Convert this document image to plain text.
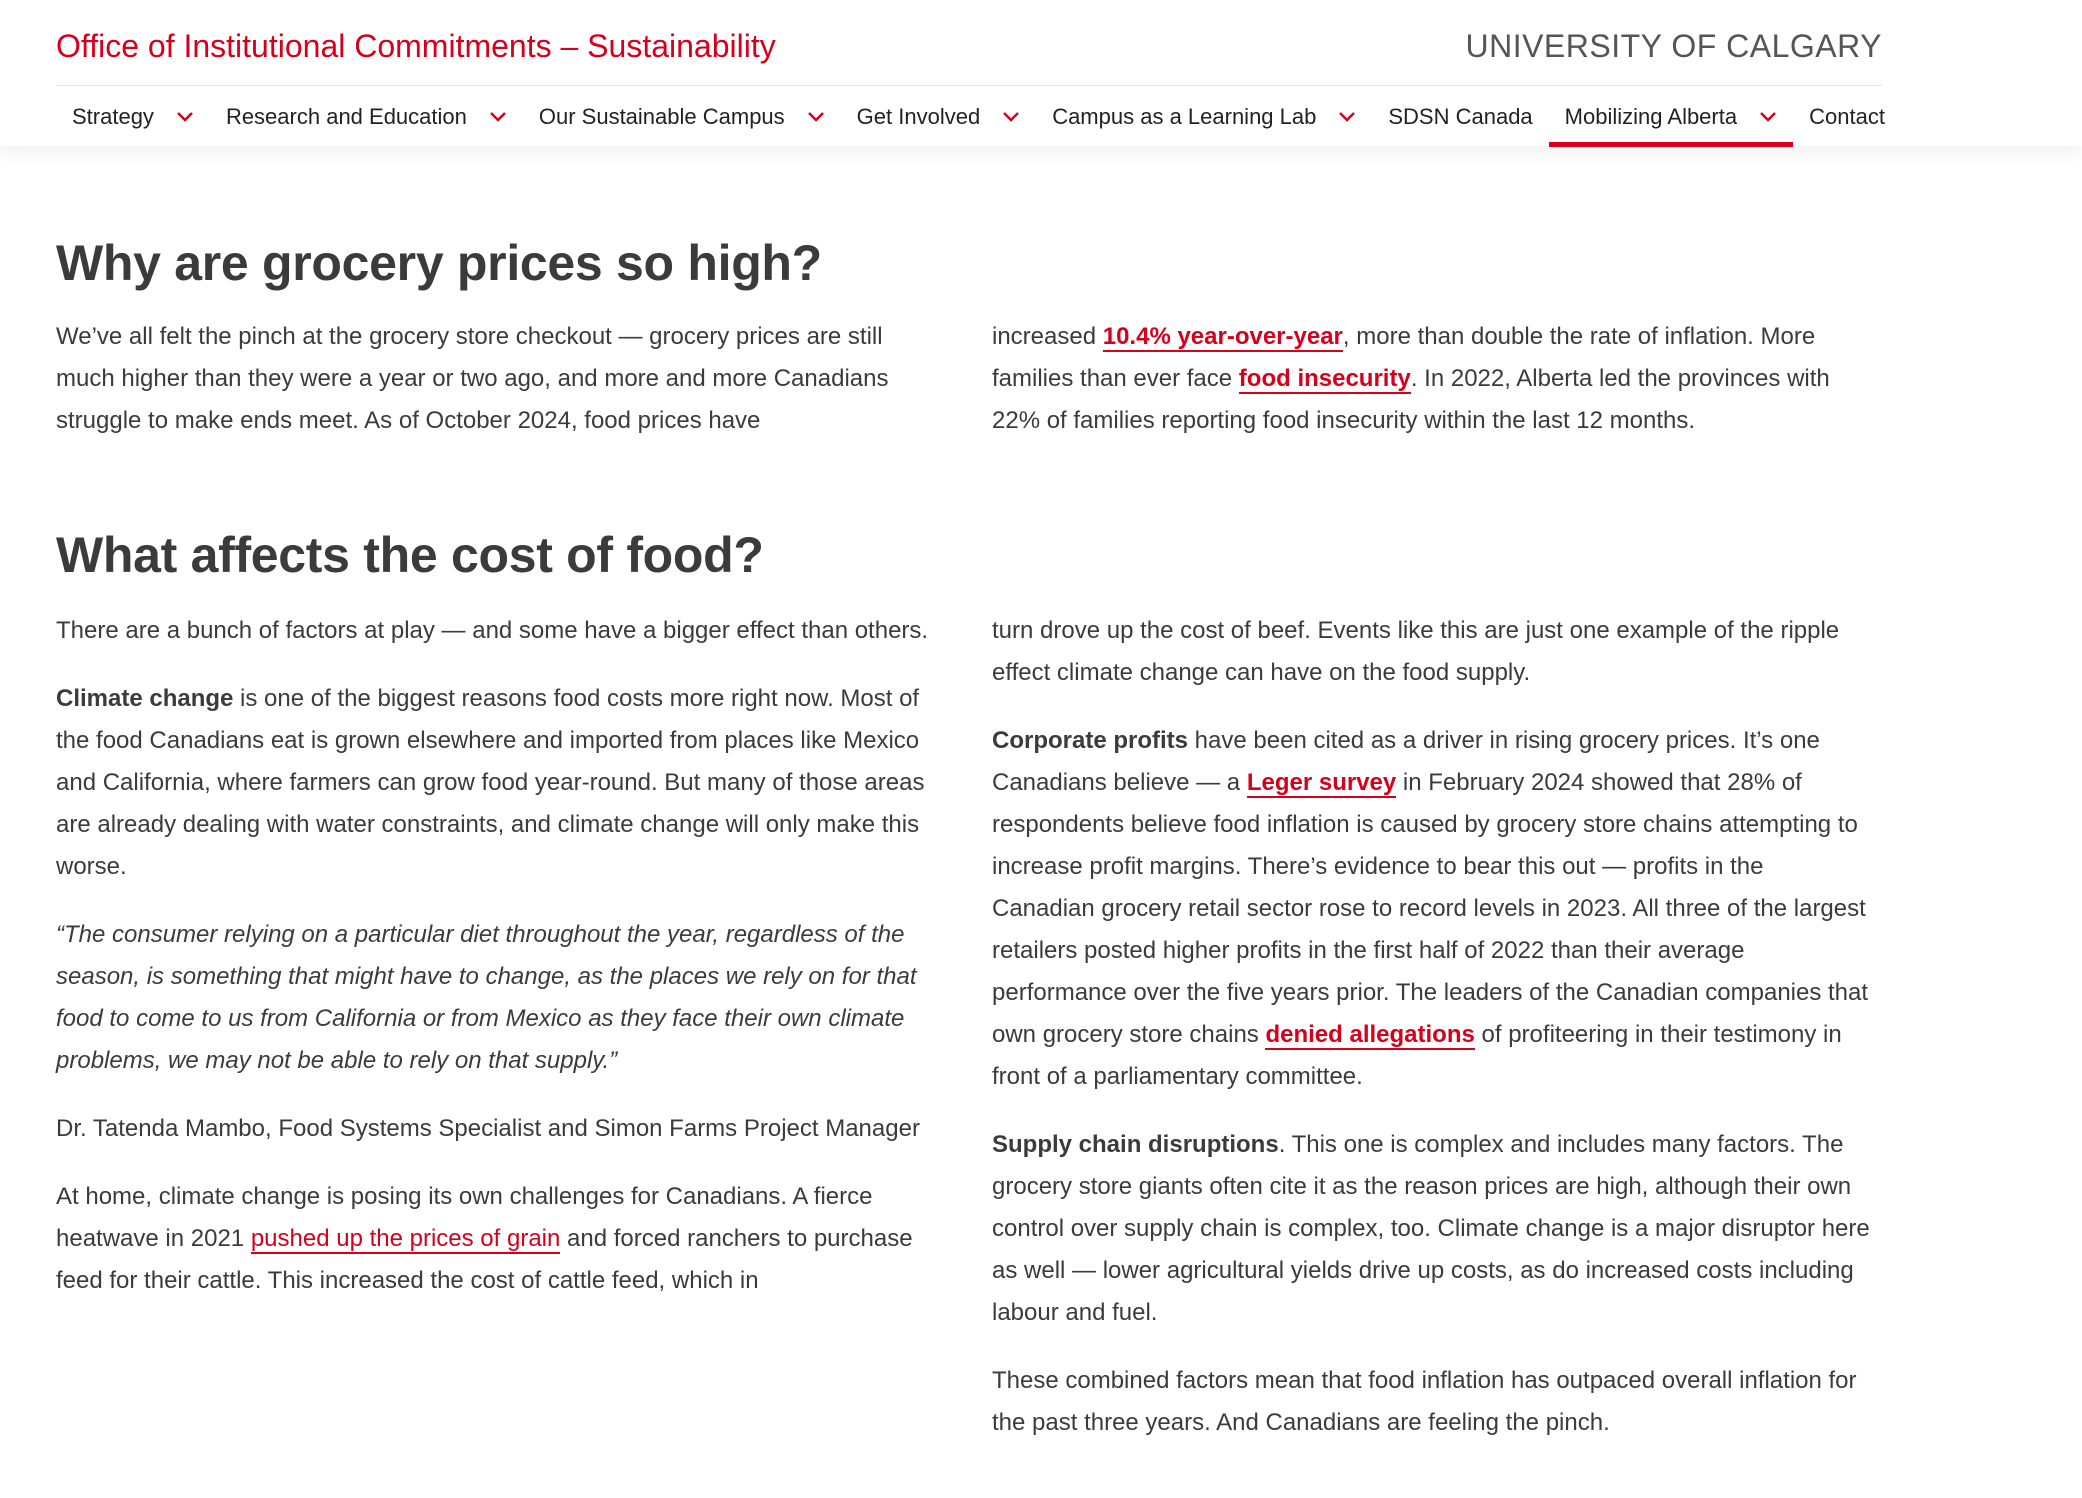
Office of Institutional Commitments – Sustainability	UNIVERSITY OF CALGARY
Strategy	Research and Education	Our Sustainable Campus	Get Involved	Campus as a Learning Lab	SDSN Canada Mobilizing Alberta	Contact
Why are grocery prices so high?

We’ve all felt the pinch at the grocery store checkout — grocery prices are still much higher than they were a year or two ago, and more and more Canadians struggle to make ends meet. As of October 2024, food prices have

increased 10.4% year-over-year, more than double the rate of inflation. More families than ever face food insecurity. In 2022, Alberta led the provinces with 22% of families reporting food insecurity within the last 12 months.

What affects the cost of food?

There are a bunch of factors at play — and some have a bigger effect than others.

Climate change is one of the biggest reasons food costs more right now. Most of the food Canadians eat is grown elsewhere and imported from places like Mexico and California, where farmers can grow food year-round. But many of those areas are already dealing with water constraints, and climate change will only make this worse.

“The consumer relying on a particular diet throughout the year, regardless of the season, is something that might have to change, as the places we rely on for that food to come to us from California or from Mexico as they face their own climate problems, we may not be able to rely on that supply.”

Dr. Tatenda Mambo, Food Systems Specialist and Simon Farms Project Manager

At home, climate change is posing its own challenges for Canadians. A fierce heatwave in 2021 pushed up the prices of grain and forced ranchers to purchase feed for their cattle. This increased the cost of cattle feed, which in

turn drove up the cost of beef. Events like this are just one example of the ripple effect climate change can have on the food supply.

Corporate profits have been cited as a driver in rising grocery prices. It’s one Canadians believe — a Leger survey in February 2024 showed that 28% of respondents believe food inflation is caused by grocery store chains attempting to increase profit margins. There’s evidence to bear this out — profits in the Canadian grocery retail sector rose to record levels in 2023. All three of the largest retailers posted higher profits in the first half of 2022 than their average performance over the five years prior. The leaders of the Canadian companies that own grocery store chains denied allegations of profiteering in their testimony in front of a parliamentary committee.

Supply chain disruptions. This one is complex and includes many factors. The grocery store giants often cite it as the reason prices are high, although their own control over supply chain is complex, too. Climate change is a major disruptor here as well — lower agricultural yields drive up costs, as do increased costs including labour and fuel.

These combined factors mean that food inflation has outpaced overall inflation for the past three years. And Canadians are feeling the pinch.
